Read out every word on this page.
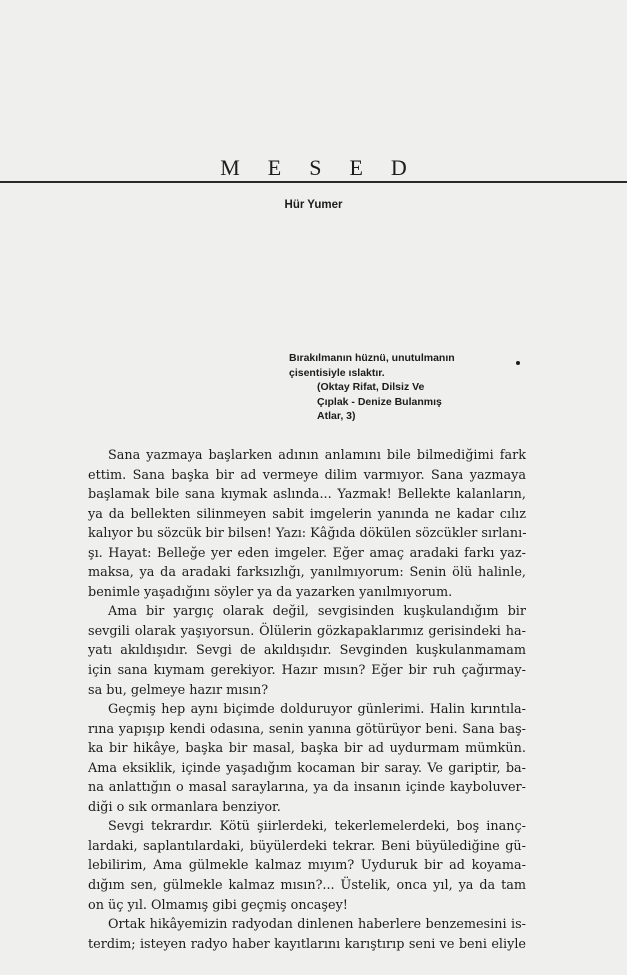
M E S E D
Hür Yumer
Bırakılmanın hüznü, unutulmanın
çisentisiyle ıslaktır.
(Oktay Rifat, Dilsiz Ve
Çıplak - Denize Bulanmış
Atlar, 3)
Sana yazmaya başlarken adının anlamını bile bilmediğimi fark
ettim. Sana başka bir ad vermeye dilim varmıyor. Sana yazmaya
başlamak bile sana kıymak aslında... Yazmak! Bellekte kalanların,
ya da bellekten silinmeyen sabit imgelerin yanında ne kadar cılız
kalıyor bu sözcük bir bilsen! Yazı: Kâğıda dökülen sözcükler sırlanı-
şı. Hayat: Belleğe yer eden imgeler. Eğer amaç aradaki farkı yaz-
maksa, ya da aradaki farksızlığı, yanılmıyorum: Senin ölü halinle,
benimle yaşadığını söyler ya da yazarken yanılmıyorum.
Ama bir yargıç olarak değil, sevgisinden kuşkulandığım bir
sevgili olarak yaşıyorsun. Ölülerin gözkapaklarımız gerisindeki ha-
yatı akıldışıdır. Sevgi de akıldışıdır. Sevginden kuşkulanmamam
için sana kıymam gerekiyor. Hazır mısın? Eğer bir ruh çağırmay-
sa bu, gelmeye hazır mısın?
Geçmiş hep aynı biçimde dolduruyor günlerimi. Halin kırıntıla-
rına yapışıp kendi odasına, senin yanına götürüyor beni. Sana baş-
ka bir hikâye, başka bir masal, başka bir ad uydurmam mümkün.
Ama eksiklik, içinde yaşadığım kocaman bir saray. Ve gariptir, ba-
na anlattığın o masal saraylarına, ya da insanın içinde kayboluver-
diği o sık ormanlara benziyor.
Sevgi tekrardır. Kötü şiirlerdeki, tekerlemelerdeki, boş inanç-
lardaki, saplantılardaki, büyülerdeki tekrar. Beni büyülediğine gü-
lebilirim, Ama gülmekle kalmaz mıyım? Uyduruk bir ad koyama-
dığım sen, gülmekle kalmaz mısın?... Üstelik, onca yıl, ya da tam
on üç yıl. Olmamış gibi geçmiş oncaşey!
Ortak hikâyemizin radyodan dinlenen haberlere benzemesini is-
terdim; isteyen radyo haber kayıtlarını karıştırıp seni ve beni eliyle
